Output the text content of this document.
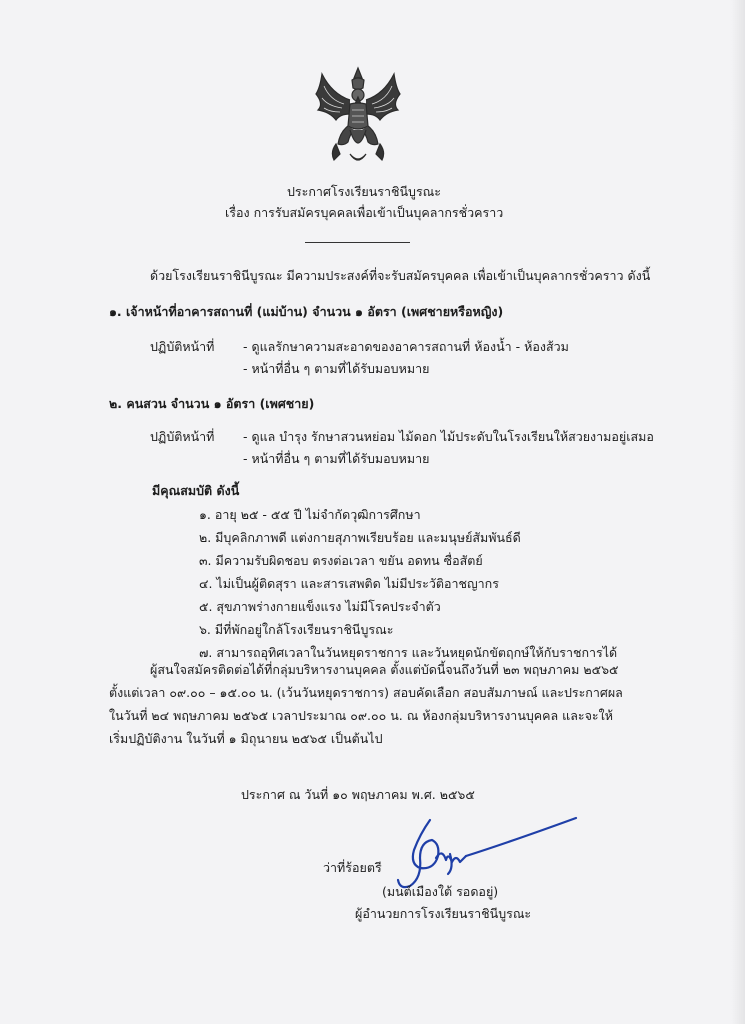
ประกาศโรงเรียนราชินีบูรณะ
เรื่อง การรับสมัครบุคคลเพื่อเข้าเป็นบุคลากรชั่วคราว
ด้วยโรงเรียนราชินีบูรณะ มีความประสงค์ที่จะรับสมัครบุคคล เพื่อเข้าเป็นบุคลากรชั่วคราว ดังนี้
๑. เจ้าหน้าที่อาคารสถานที่ (แม่บ้าน) จำนวน ๑ อัตรา (เพศชายหรือหญิง)
ปฏิบัติหน้าที่ - ดูแลรักษาความสะอาดของอาคารสถานที่ ห้องน้ำ - ห้องส้วม
- หน้าที่อื่น ๆ ตามที่ได้รับมอบหมาย
๒. คนสวน จำนวน ๑ อัตรา (เพศชาย)
ปฏิบัติหน้าที่ - ดูแล บำรุง รักษาสวนหย่อม ไม้ดอก ไม้ประดับในโรงเรียนให้สวยงามอยู่เสมอ
- หน้าที่อื่น ๆ ตามที่ได้รับมอบหมาย
มีคุณสมบัติ ดังนี้
๑. อายุ ๒๕ - ๕๕ ปี ไม่จำกัดวุฒิการศึกษา
๒. มีบุคลิกภาพดี แต่งกายสุภาพเรียบร้อย และมนุษย์สัมพันธ์ดี
๓. มีความรับผิดชอบ ตรงต่อเวลา ขยัน อดทน ซื่อสัตย์
๔. ไม่เป็นผู้ติดสุรา และสารเสพติด ไม่มีประวัติอาชญากร
๕. สุขภาพร่างกายแข็งแรง ไม่มีโรคประจำตัว
๖. มีที่พักอยู่ใกล้โรงเรียนราชินีบูรณะ
๗. สามารถอุทิศเวลาในวันหยุดราชการ และวันหยุดนักขัตฤกษ์ให้กับราชการได้
ผู้สนใจสมัครติดต่อได้ที่กลุ่มบริหารงานบุคคล ตั้งแต่บัดนี้จนถึงวันที่ ๒๓ พฤษภาคม ๒๕๖๕
ตั้งแต่เวลา ๐๙.๐๐ – ๑๕.๐๐ น. (เว้นวันหยุดราชการ) สอบคัดเลือก สอบสัมภาษณ์ และประกาศผล
ในวันที่ ๒๔ พฤษภาคม ๒๕๖๕ เวลาประมาณ ๐๙.๐๐ น. ณ ห้องกลุ่มบริหารงานบุคคล และจะให้
เริ่มปฏิบัติงาน ในวันที่ ๑ มิถุนายน ๒๕๖๕ เป็นต้นไป
ประกาศ ณ วันที่ ๑๐ พฤษภาคม พ.ศ. ๒๕๖๕
ว่าที่ร้อยตรี
(มนต์เมืองใต้ รอดอยู่)
ผู้อำนวยการโรงเรียนราชินีบูรณะ
